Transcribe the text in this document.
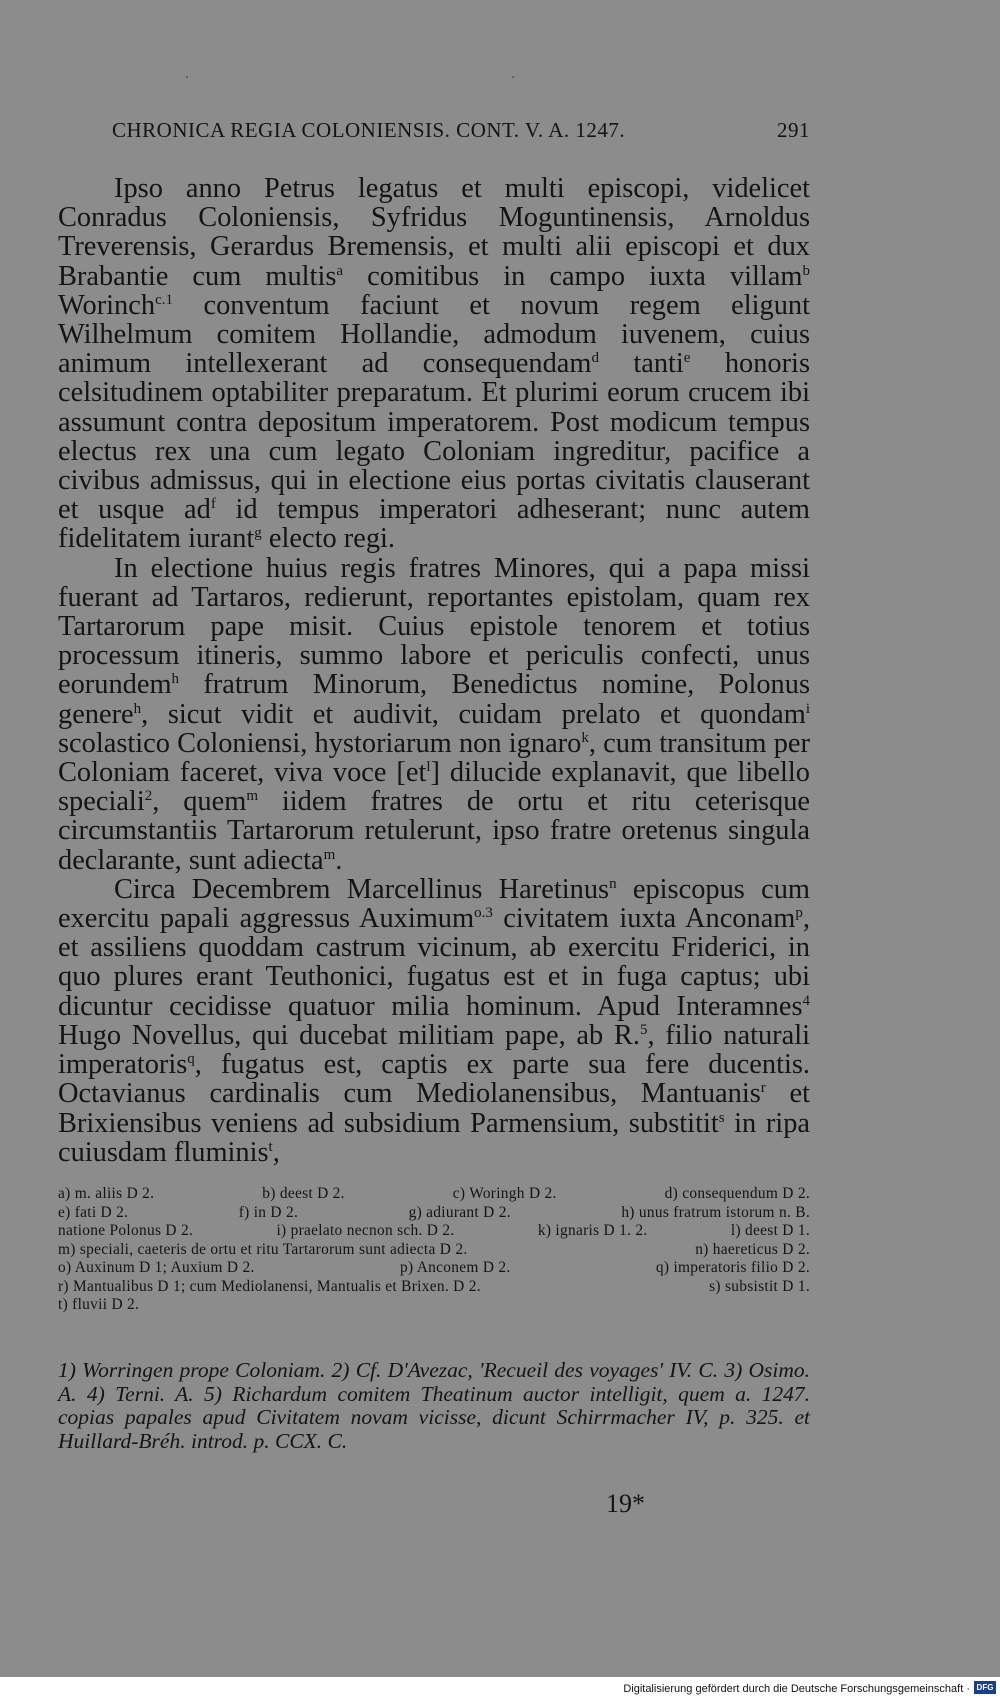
CHRONICA REGIA COLONIENSIS. CONT. V. A. 1247.	291

Ipso anno Petrus legatus et multi episcopi, videlicet Conradus Coloniensis, Syfridus Moguntinensis, Arnoldus Treverensis, Gerardus Bremensis, et multi alii episcopi et dux Brabantie cum multis$^a$ comitibus in campo iuxta villam$^b$ Worinch$^{c.1}$ conventum faciunt et novum regem eligunt Wilhelmum comitem Hollandie, admodum iuvenem, cuius animum intellexerant ad consequendam$^d$ tanti$^e$ honoris celsitudinem optabiliter preparatum. Et plurimi eorum crucem ibi assumunt contra depositum imperatorem. Post modicum tempus electus rex una cum legato Coloniam ingreditur, pacifice a civibus admissus, qui in electione eius portas civitatis clauserant et usque $ad^f$ id tempus imperatori adheserant; nunc autem fidelitatem iurant$^g$ electo regi.

In electione huius regis fratres Minores, qui a papa missi fuerant ad Tartaros, redierunt, reportantes epistolam, quam rex Tartarorum pape misit. Cuius epistole tenorem et totius processum itineris, summo labore et periculis confecti, unus eorundem$^h$ fratrum Minorum, Benedictus nomine, Polonus genere$^h$, sicut vidit et audivit, cuidam prelato et quondam$^i$ scolastico Coloniensi, hystoriarum non ignaro$^k$, cum transitum per Coloniam faceret, viva voce $[et^l]$ dilucide explanavit, que libello speciali$^2$, quem$^m$ iidem fratres de ortu et ritu ceterisque circumstantiis Tartarorum retulerunt, ipso fratre oretenus singula declarante, sunt adiecta$^m$.

Circa Decembrem Marcellinus Haretinus$^n$ episcopus cum exercitu papali aggressus Auximum$^{o.3}$ civitatem iuxta Anconam$^p$, et assiliens quoddam castrum vicinum, ab exercitu Friderici, in quo plures erant Teuthonici, fugatus est et in fuga captus; ubi dicuntur cecidisse quatuor milia hominum. Apud Interamnes$^4$ Hugo Novellus, qui ducebat militiam pape, ab R.$^5$, filio naturali imperatoris$^q$, fugatus est, captis ex parte sua fere ducentis. Octavianus cardinalis cum Mediolanensibus, Mantuanis$^r$ et Brixiensibus veniens ad subsidium Parmensium, substitit$^s$ in ripa cuiusdam fluminis$^t$,

a) m. aliis D 2.	b) deest D 2.	c) Woringh D 2.	d) consequendum D 2.
e) fati D 2.	f) in D 2.	g) adiurant D 2.	h) unus fratrum istorum n. B.
natione Polonus D 2.	i) praelato necnon sch. D 2.	k) ignaris D 1. 2.	l) deest D 1.
m) speciali, caeteris de ortu et ritu Tartarorum sunt adiecta D 2.	n) haereticus D 2.
o) Auxinum D 1; Auxium D 2.	p) Anconem D 2.	q) imperatoris filio D 2.
r) Mantualibus D 1; cum Mediolanensi, Mantualis et Brixen. D 2.	s) subsistit D 1.
t) fluvii D 2.
1) Worringen prope Coloniam. 2) Cf. D'Avezac, 'Recueil des voyages' IV. C. 3) Osimo. A. 4) Terni. A. 5) Richardum comitem Theatinum auctor intelligit, quem a. 1247. copias papales apud Civitatem novam vicisse, dicunt Schirrmacher IV, p. 325. et Huillard-Bréh. introd. p. CCX. C.
19*
Digitalisierung gefördert durch die Deutsche Forschungsgemeinschaft · DFG
